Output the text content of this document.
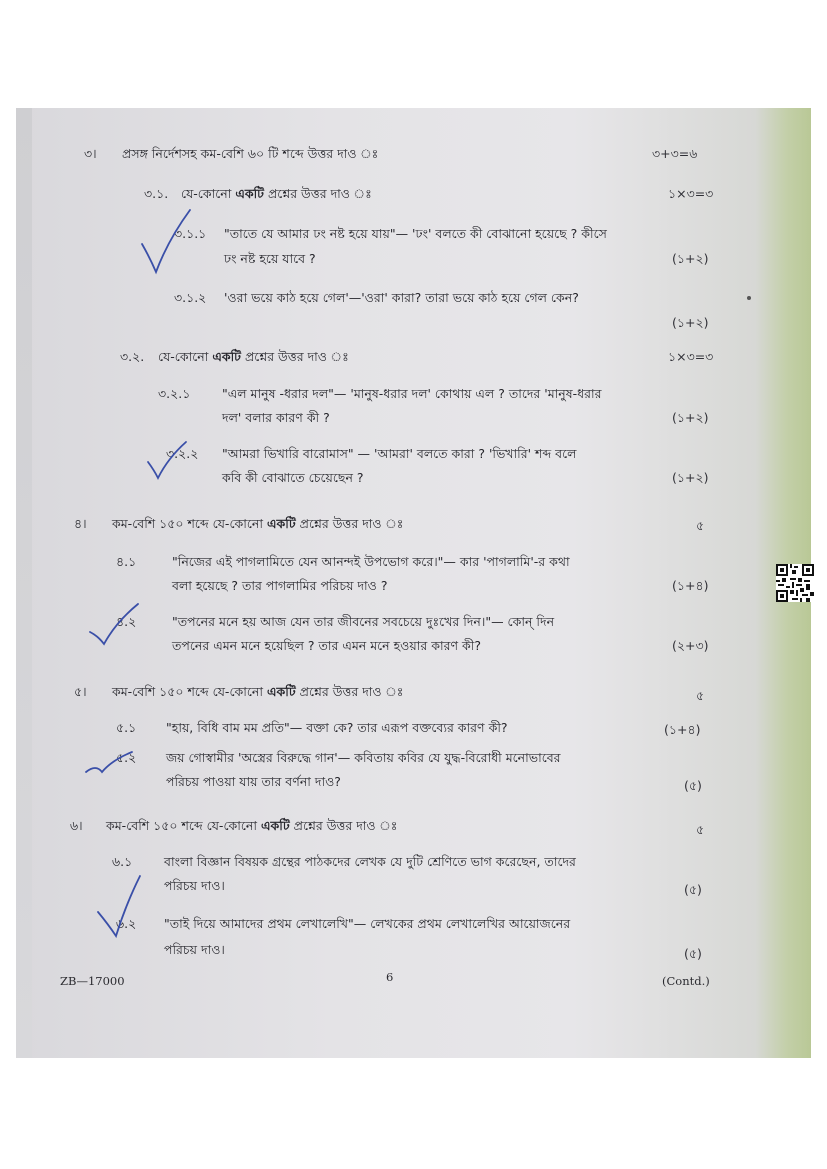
৩। প্রসঙ্গ নির্দেশসহ কম-বেশি ৬০ টি শব্দে উত্তর দাও ঃ	৩+৩=৬
৩.১. যে-কোনো একটি প্রশ্নের উত্তর দাও ঃ	১×৩=৩
৩.১.১ "তাতে যে আমার ঢং নষ্ট হয়ে যায়"— 'ঢং' বলতে কী বোঝানো হয়েছে ? কীসে
ঢং নষ্ট হয়ে যাবে ?	(১+২)
৩.১.২ 'ওরা ভয়ে কাঠ হয়ে গেল'—'ওরা' কারা? তারা ভয়ে কাঠ হয়ে গেল কেন?
(১+২)
৩.২. যে-কোনো একটি প্রশ্নের উত্তর দাও ঃ	১×৩=৩
৩.২.১	"এল মানুষ -ধরার দল"— 'মানুষ-ধরার দল' কোথায় এল ? তাদের 'মানুষ-ধরার
দল' বলার কারণ কী ?	(১+২)
৩.২.২ "আমরা ভিখারি বারোমাস" — 'আমরা' বলতে কারা ? 'ভিখারি' শব্দ বলে
কবি কী বোঝাতে চেয়েছেন ?	(১+২)
৪। কম-বেশি ১৫০ শব্দে যে-কোনো একটি প্রশ্নের উত্তর দাও ঃ	৫
৪.১	"নিজের এই পাগলামিতে যেন আনন্দই উপভোগ করে।"— কার 'পাগলামি'-র কথা
বলা হয়েছে ? তার পাগলামির পরিচয় দাও ?	(১+৪)
৪.২	"তপনের মনে হয় আজ যেন তার জীবনের সবচেয়ে দুঃখের দিন।"— কোন্ দিন
তপনের এমন মনে হয়েছিল ? তার এমন মনে হওয়ার কারণ কী?	(২+৩)
৫। কম-বেশি ১৫০ শব্দে যে-কোনো একটি প্রশ্নের উত্তর দাও ঃ	৫
৫.১ "হায়, বিধি বাম মম প্রতি"— বক্তা কে? তার এরূপ বক্তব্যের কারণ কী?	(১+৪)
৫.২ জয় গোস্বামীর 'অস্ত্রের বিরুদ্ধে গান'— কবিতায় কবির যে যুদ্ধ-বিরোধী মনোভাবের
পরিচয় পাওয়া যায় তার বর্ণনা দাও?	(৫)
৬। কম-বেশি ১৫০ শব্দে যে-কোনো একটি প্রশ্নের উত্তর দাও ঃ	৫
৬.১	বাংলা বিজ্ঞান বিষয়ক গ্রন্থের পাঠকদের লেখক যে দুটি শ্রেণিতে ভাগ করেছেন, তাদের
পরিচয় দাও।	(৫)
৬.২ "তাই দিয়ে আমাদের প্রথম লেখালেখি"— লেখকের প্রথম লেখালেখির আয়োজনের
পরিচয় দাও।	(৫)
ZB—17000	6	(Contd.)
